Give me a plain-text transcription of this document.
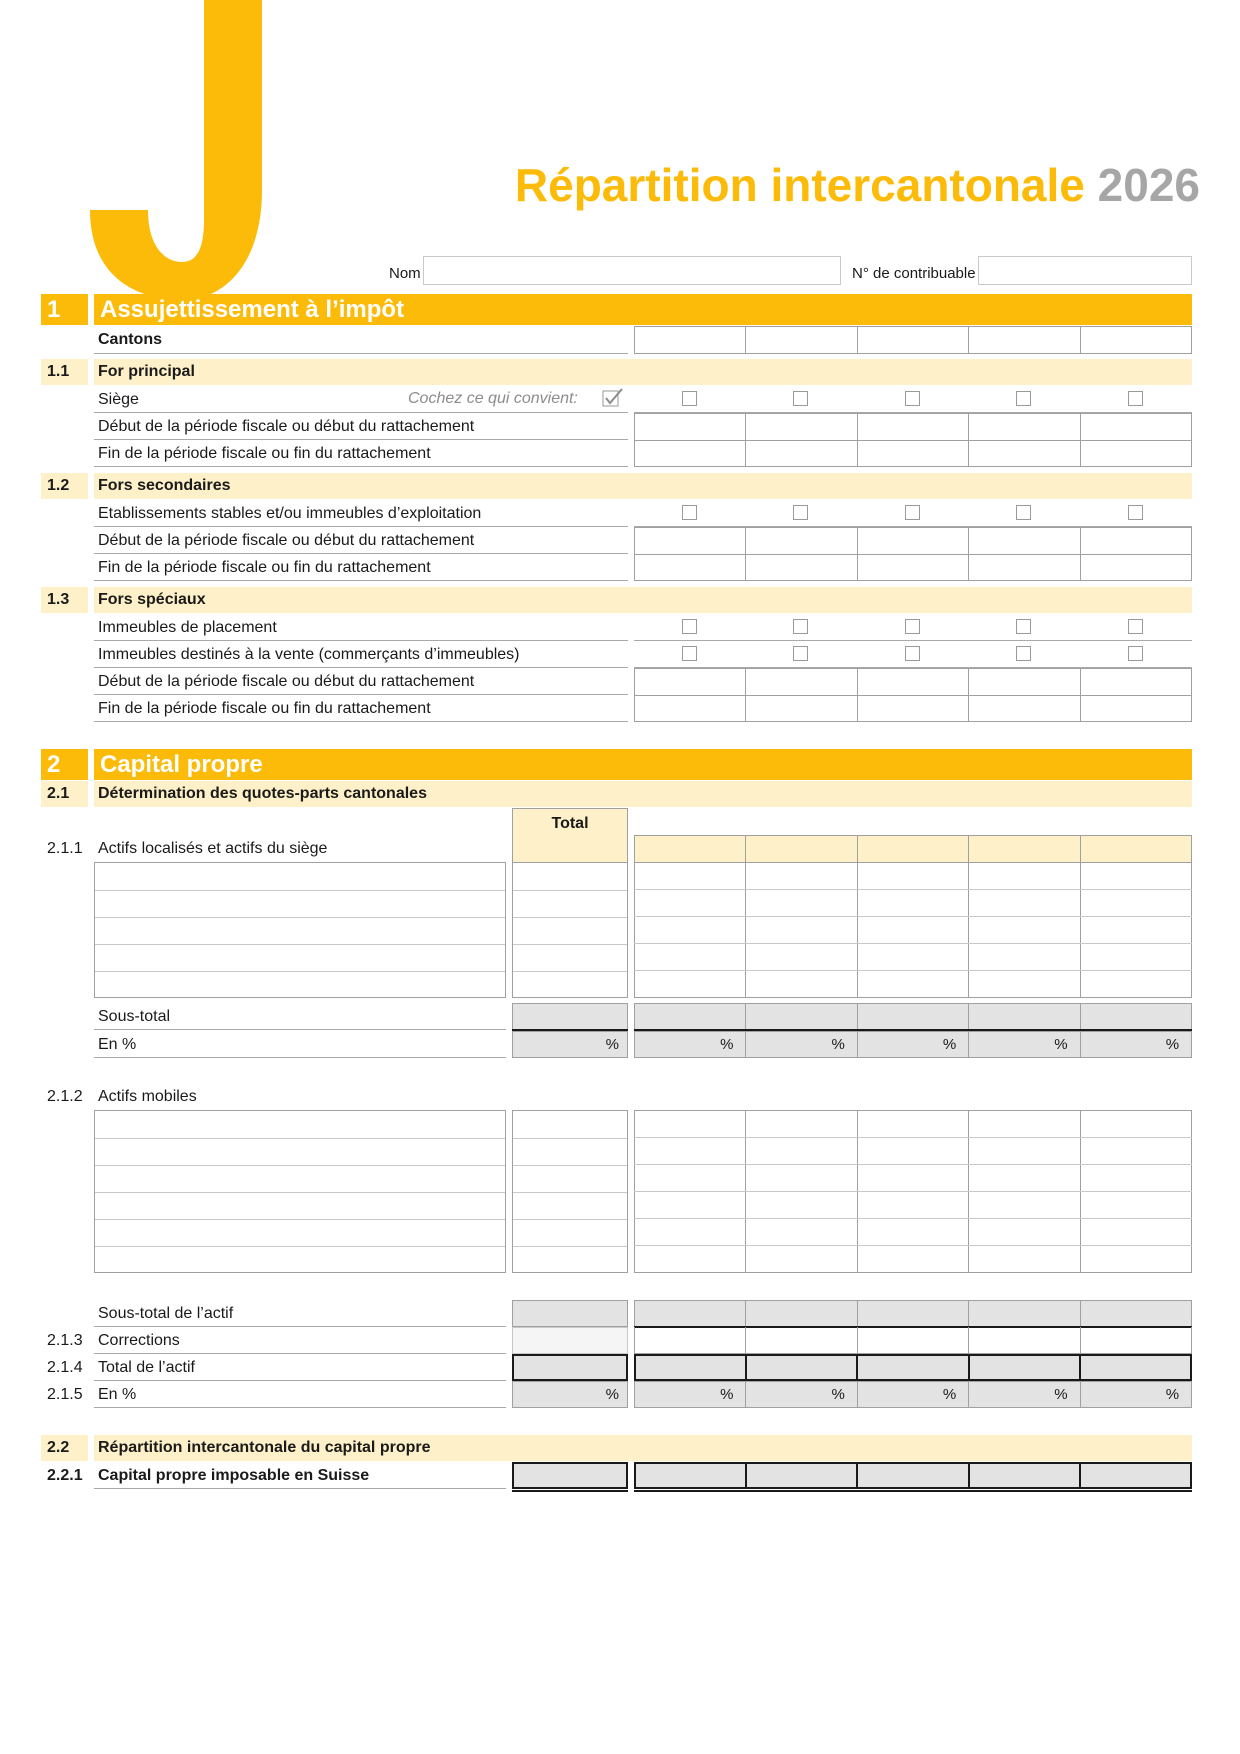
Répartition intercantonale 2026
Nom	N° de contribuable
1	Assujettissement à l’impôt
Cantons
1.1	For principal
Siège	Cochez ce qui convient:
Début de la période fiscale ou début du rattachement
Fin de la période fiscale ou fin du rattachement
1.2	Fors secondaires
Etablissements stables et/ou immeubles d’exploitation
Début de la période fiscale ou début du rattachement
Fin de la période fiscale ou fin du rattachement
1.3	Fors spéciaux
Immeubles de placement
Immeubles destinés à la vente (commerçants d’immeubles)
Début de la période fiscale ou début du rattachement
Fin de la période fiscale ou fin du rattachement
2	Capital propre
2.1	Détermination des quotes-parts cantonales
Total
2.1.1 Actifs localisés et actifs du siège
Sous-total
En %	%	%	%	%	%	%
2.1.2 Actifs mobiles
Sous-total de l’actif
2.1.3 Corrections
2.1.4 Total de l’actif
2.1.5 En %	%	%	%	%	%	%
2.2	Répartition intercantonale du capital propre
2.2.1 Capital propre imposable en Suisse
